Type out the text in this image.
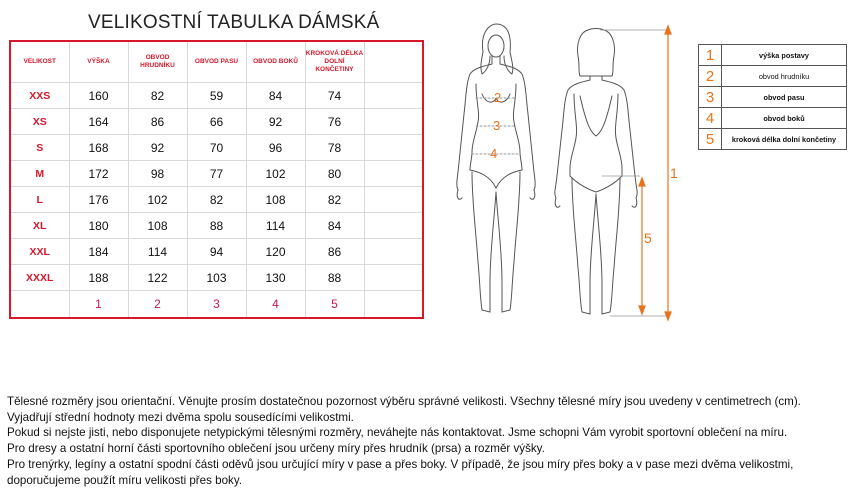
VELIKOSTNÍ TABULKA DÁMSKÁ
VELIKOST	VÝŠKA	OBVOD HRUDNÍKU	OBVOD PASU	OBVOD BOKŮ	KROKOVÁ DÉLKA DOLNÍ KONČETINY	
XXS	160	82	59	84	74	
XS	164	86	66	92	76	
S	168	92	70	96	78	
M	172	98	77	102	80	
L	176	102	82	108	82	
XL	180	108	88	114	84	
XXL	184	114	94	120	86	
XXXL	188	122	103	130	88	
	1	2	3	4	5	
2
3
4
1
5
1	výška postavy
2	obvod hrudníku
3	obvod pasu
4	obvod boků
5	kroková délka dolní končetiny

Tělesné rozměry jsou orientační. Věnujte prosím dostatečnou pozornost výběru správné velikosti. Všechny tělesné míry jsou uvedeny v centimetrech (cm).

Vyjadřují střední hodnoty mezi dvěma spolu sousedícími velikostmi.

Pokud si nejste jisti, nebo disponujete netypickými tělesnými rozměry, neváhejte nás kontaktovat. Jsme schopni Vám vyrobit sportovní oblečení na míru.

Pro dresy a ostatní horní části sportovního oblečení jsou určeny míry přes hrudník (prsa) a rozměr výšky.

Pro trenýrky, legíny a ostatní spodní části oděvů jsou určující míry v pase a přes boky. V případě, že jsou míry přes boky a v pase mezi dvěma velikostmi,

doporučujeme použít míru velikosti přes boky.
